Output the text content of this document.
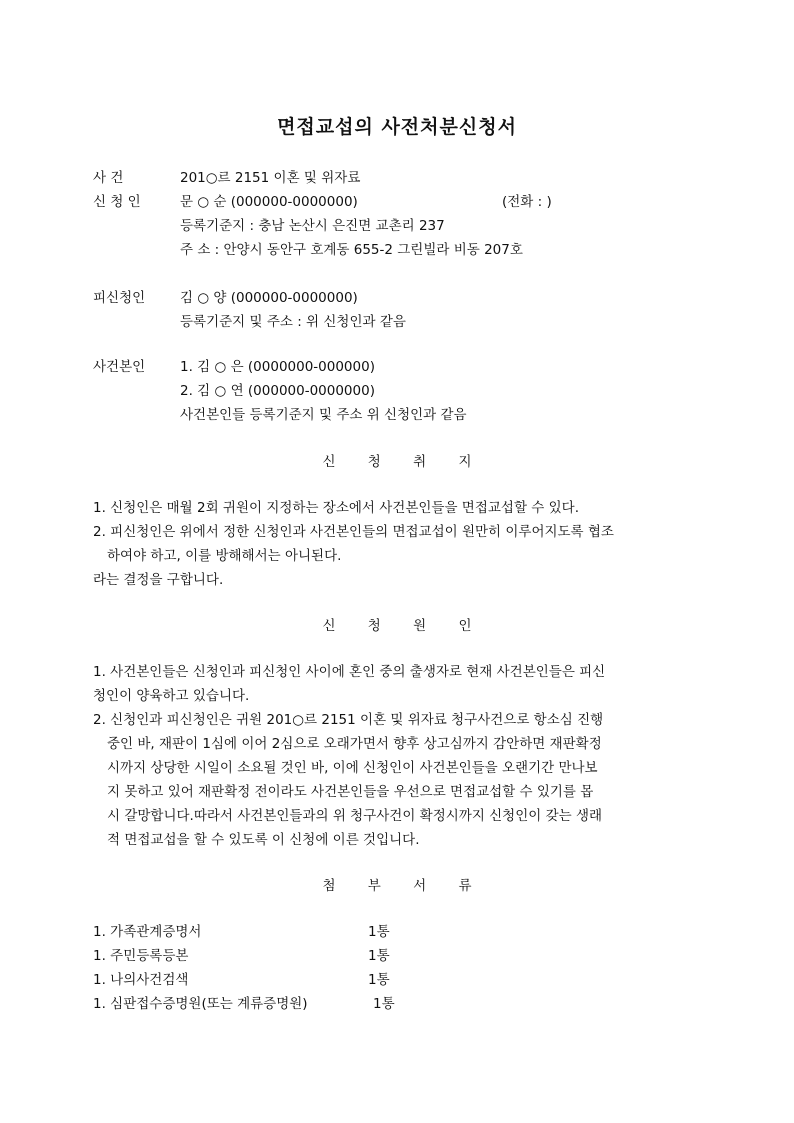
면접교섭의 사전처분신청서
사 건	201○르 2151 이혼 및 위자료
신 청 인	문 ○ 순 (000000-0000000)	(전화 : )
등록기준지 : 충남 논산시 은진면 교촌리 237
주 소 : 안양시 동안구 호계동 655-2 그린빌라 비동 207호
피신청인	김 ○ 양 (000000-0000000)
등록기준지 및 주소 : 위 신청인과 같음
사건본인	1. 김 ○ 은 (0000000-000000)
2. 김 ○ 연 (000000-0000000)
사건본인들 등록기준지 및 주소 위 신청인과 같음
신 청 취 지
1. 신청인은 매월 2회 귀원이 지정하는 장소에서 사건본인들을 면접교섭할 수 있다.
2. 피신청인은 위에서 정한 신청인과 사건본인들의 면접교섭이 원만히 이루어지도록 협조
하여야 하고, 이를 방해해서는 아니된다.
라는 결정을 구합니다.
신 청 원 인
1. 사건본인들은 신청인과 피신청인 사이에 혼인 중의 출생자로 현재 사건본인들은 피신
청인이 양육하고 있습니다.
2. 신청인과 피신청인은 귀원 201○르 2151 이혼 및 위자료 청구사건으로 항소심 진행
중인 바, 재판이 1심에 이어 2심으로 오래가면서 향후 상고심까지 감안하면 재판확정
시까지 상당한 시일이 소요될 것인 바, 이에 신청인이 사건본인들을 오랜기간 만나보
지 못하고 있어 재판확정 전이라도 사건본인들을 우선으로 면접교섭할 수 있기를 몹
시 갈망합니다.따라서 사건본인들과의 위 청구사건이 확정시까지 신청인이 갖는 생래
적 면접교섭을 할 수 있도록 이 신청에 이른 것입니다.
첨 부 서 류
1. 가족관계증명서	1통
1. 주민등록등본	1통
1. 나의사건검색	1통
1. 심판접수증명원(또는 계류증명원)	1통
